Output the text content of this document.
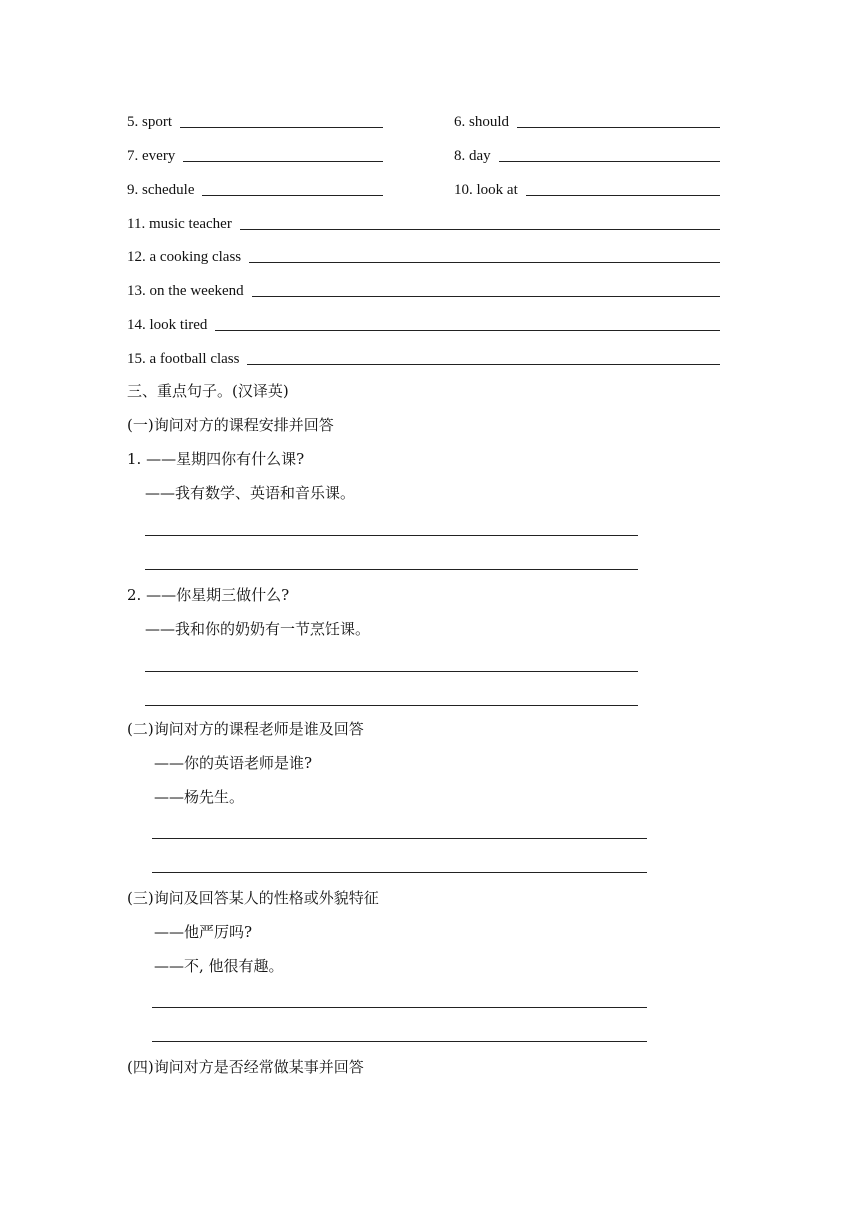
5. sport	6. should
7. every	8. day
9. schedule	10. look at
11. music teacher
12. a cooking class
13. on the weekend
14. look tired
15. a football class
三、重点句子。(汉译英)
(一)询问对方的课程安排并回答
1. ——星期四你有什么课?
——我有数学、英语和音乐课。
2. ——你星期三做什么?
——我和你的奶奶有一节烹饪课。
(二)询问对方的课程老师是谁及回答
——你的英语老师是谁?
——杨先生。
(三)询问及回答某人的性格或外貌特征
——他严厉吗?
——不, 他很有趣。
(四)询问对方是否经常做某事并回答
